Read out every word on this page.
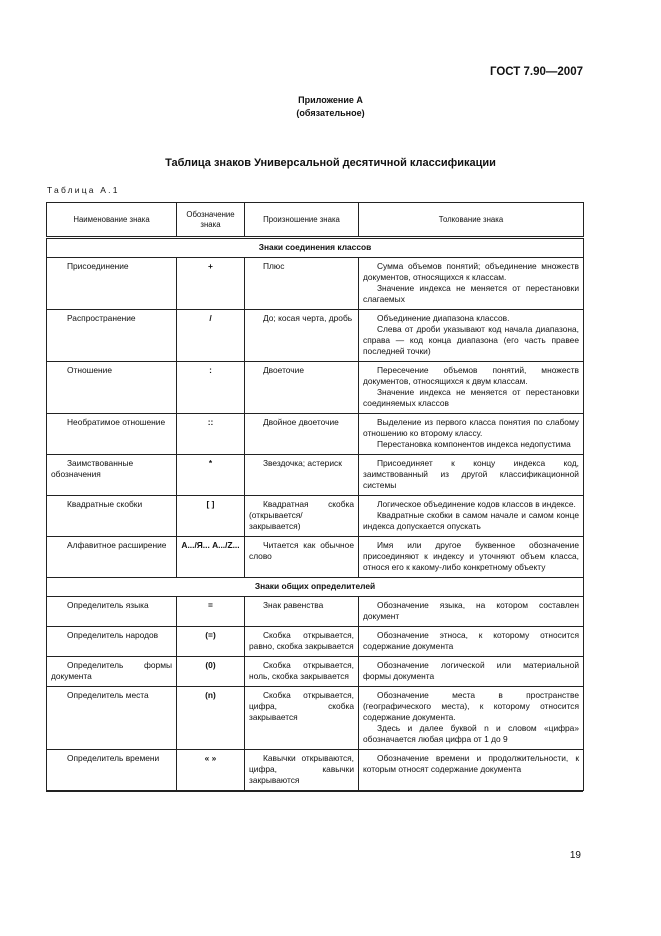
ГОСТ 7.90—2007
Приложение А
(обязательное)
Таблица знаков Универсальной десятичной классификации
Таблица А.1
Наименование знака	Обозначение знака	Произношение знака	Толкование знака
Знаки соединения классов			
Присоединение	+	Плюс	Сумма объемов понятий; объединение множеств документов, относящихся к классам.

Значение индекса не меняется от перестановки слагаемых

Распространение	/	До; косая черта, дробь	Объединение диапазона классов.

Слева от дроби указывают код начала диапазона, справа — код конца диапазона (его часть правее последней точки)

Отношение	:	Двоеточие	Пересечение объемов понятий, множеств документов, относящихся к двум классам.

Значение индекса не меняется от перестановки соединяемых классов

Необратимое отношение	::	Двойное двоеточие	Выделение из первого класса понятия по слабому отношению ко второму классу.

Перестановка компонентов индекса недопустима

Заимствованные обозначения	*	Звездочка; астериск	Присоединяет к концу индекса код, заимствованный из другой классификационной системы

Квадратные скобки	[ ]	Квадратная скобка (открывается/закрывается)	Логическое объединение кодов классов в индексе.

Квадратные скобки в самом начале и самом конце индекса допускается опускать

Алфавитное расширение	A.../Я... A.../Z...	Читается как обычное слово	Имя или другое буквенное обозначение присоединяют к индексу и уточняют объем класса, относя его к какому-либо конкретному объекту

Знаки общих определителей			
Определитель языка	=	Знак равенства	Обозначение языка, на котором составлен документ

Определитель народов	(=)	Скобка открывается, равно, скобка закрывается	Обозначение этноса, к которому относится содержание документа

Определитель формы документа	(0)	Скобка открывается, ноль, скобка закрывается	Обозначение логической или материальной формы документа

Определитель места	(n)	Скобка открывается, цифра, скобка закрывается	Обозначение места в пространстве (географического места), к которому относится содержание документа.

Здесь и далее буквой n и словом «цифра» обозначается любая цифра от 1 до 9

Определитель времени	« »	Кавычки открываются, цифра, кавычки закрываются	Обозначение времени и продолжительности, к которым относят содержание документа

19
